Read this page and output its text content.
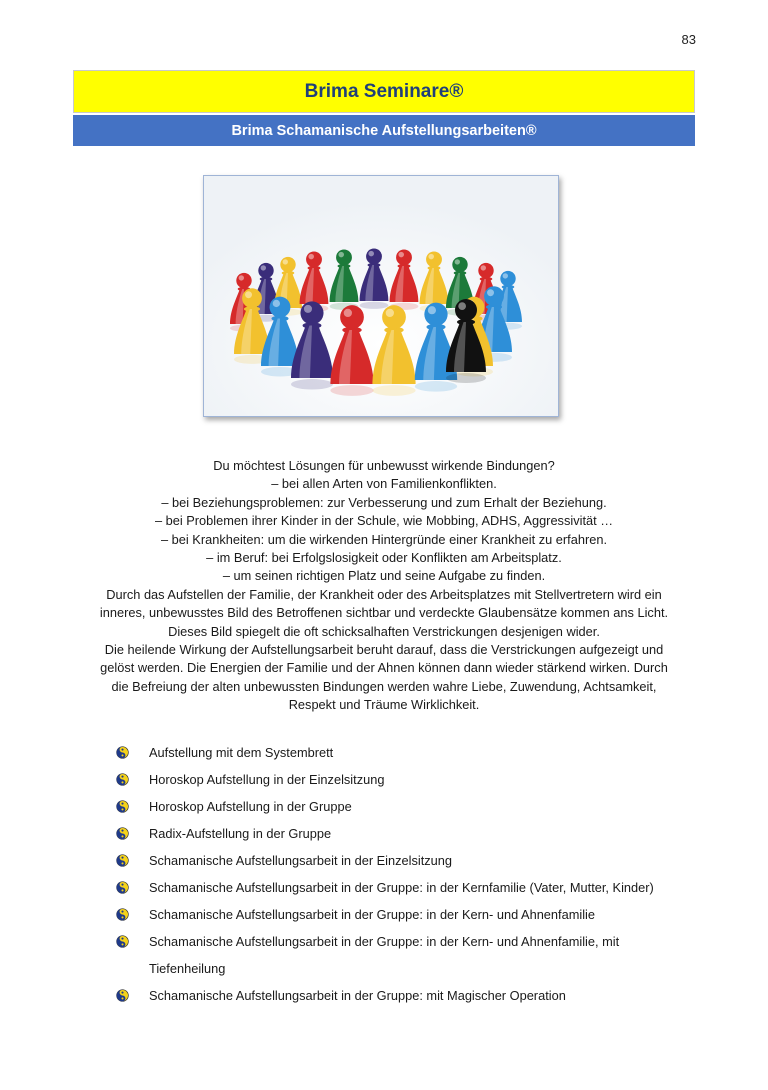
83
Brima Seminare®
Brima Schamanische Aufstellungsarbeiten®
Du möchtest Lösungen für unbewusst wirkende Bindungen?
– bei allen Arten von Familienkonflikten.
– bei Beziehungsproblemen: zur Verbesserung und zum Erhalt der Beziehung.
– bei Problemen ihrer Kinder in der Schule, wie Mobbing, ADHS, Aggressivität …
– bei Krankheiten: um die wirkenden Hintergründe einer Krankheit zu erfahren.
– im Beruf: bei Erfolgslosigkeit oder Konflikten am Arbeitsplatz.
– um seinen richtigen Platz und seine Aufgabe zu finden.
Durch das Aufstellen der Familie, der Krankheit oder des Arbeitsplatzes mit Stellvertretern wird ein
inneres, unbewusstes Bild des Betroffenen sichtbar und verdeckte Glaubensätze kommen ans Licht.
Dieses Bild spiegelt die oft schicksalhaften Verstrickungen desjenigen wider.
Die heilende Wirkung der Aufstellungsarbeit beruht darauf, dass die Verstrickungen aufgezeigt und
gelöst werden. Die Energien der Familie und der Ahnen können dann wieder stärkend wirken. Durch
die Befreiung der alten unbewussten Bindungen werden wahre Liebe, Zuwendung, Achtsamkeit,
Respekt und Träume Wirklichkeit.
Aufstellung mit dem Systembrett
Horoskop Aufstellung in der Einzelsitzung
Horoskop Aufstellung in der Gruppe
Radix-Aufstellung in der Gruppe
Schamanische Aufstellungsarbeit in der Einzelsitzung
Schamanische Aufstellungsarbeit in der Gruppe: in der Kernfamilie (Vater, Mutter, Kinder)
Schamanische Aufstellungsarbeit in der Gruppe: in der Kern- und Ahnenfamilie
Schamanische Aufstellungsarbeit in der Gruppe: in der Kern- und Ahnenfamilie, mit
Tiefenheilung
Schamanische Aufstellungsarbeit in der Gruppe: mit Magischer Operation
